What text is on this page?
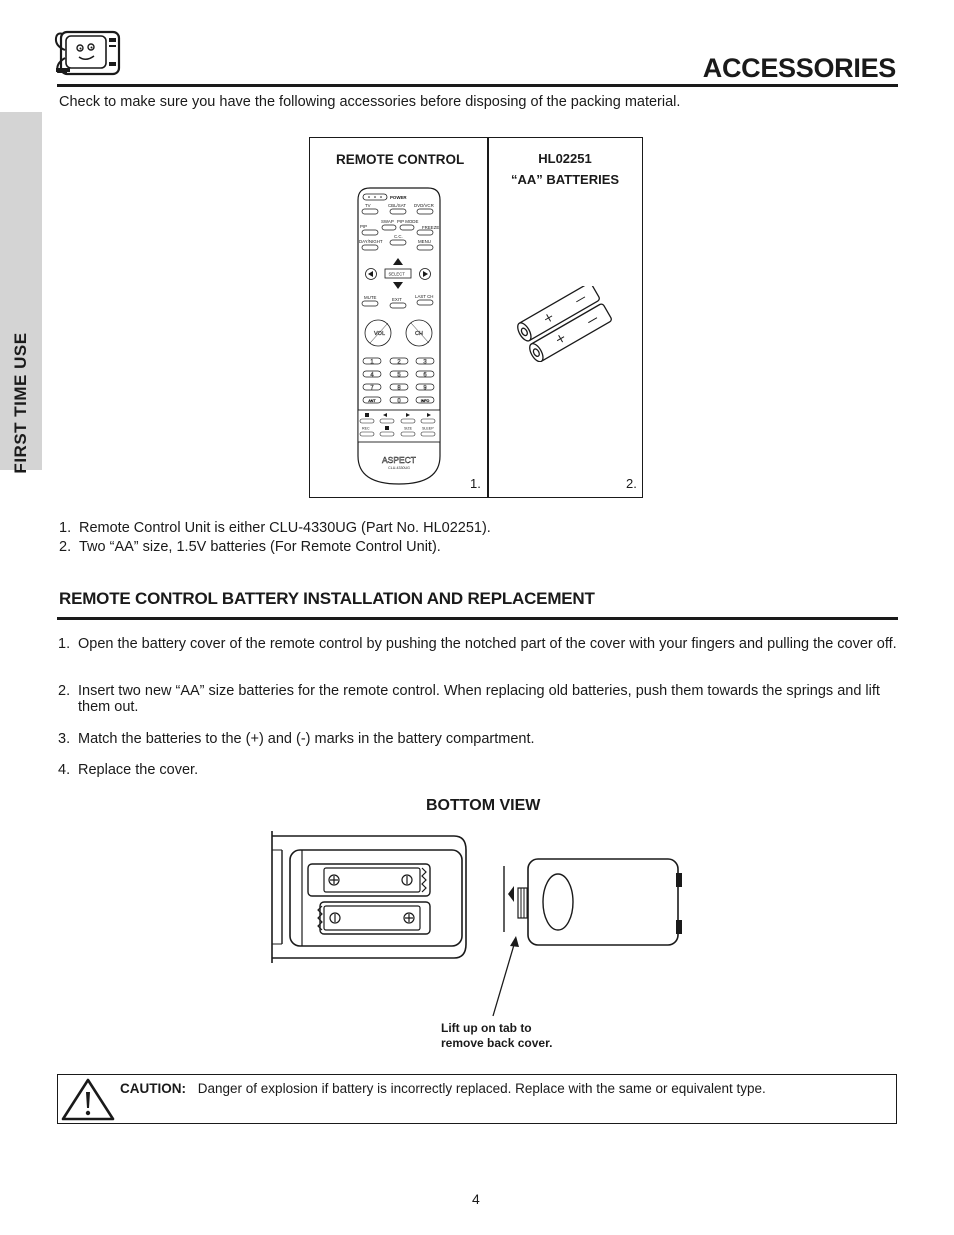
FIRST TIME USE
ACCESSORIES
Check to make sure you have the following accessories before disposing of the packing material.
REMOTE CONTROL	HL02251
“AA” BATTERIES
POWER
TV	CBL/SAT DVD/VCR
SWAP PIP MODE
PIP	FREEZE
C.C.
DAY/NIGHT	MENU
SELECT
MUTE	EXIT
LAST CH
VOL	CH
1	2	3
4	5	6
7	8	9
ANT	0	INFO
REC	SIZE	SLEEP
ASPECT
CLU-4330UG
1.	2.
1. Remote Control Unit is either CLU-4330UG (Part No. HL02251).
2. Two “AA” size, 1.5V batteries (For Remote Control Unit).
REMOTE CONTROL BATTERY INSTALLATION AND REPLACEMENT
1. Open the battery cover of the remote control by pushing the notched part of the cover with your fingers and pulling the cover off.
2. Insert two new “AA” size batteries for the remote control. When replacing old batteries, push them towards the springs and lift them out.
3. Match the batteries to the (+) and (-) marks in the battery compartment.
4. Replace the cover.
BOTTOM VIEW
Lift up on tab to
remove back cover.
CAUTION: Danger of explosion if battery is incorrectly replaced. Replace with the same or equivalent type.
4
